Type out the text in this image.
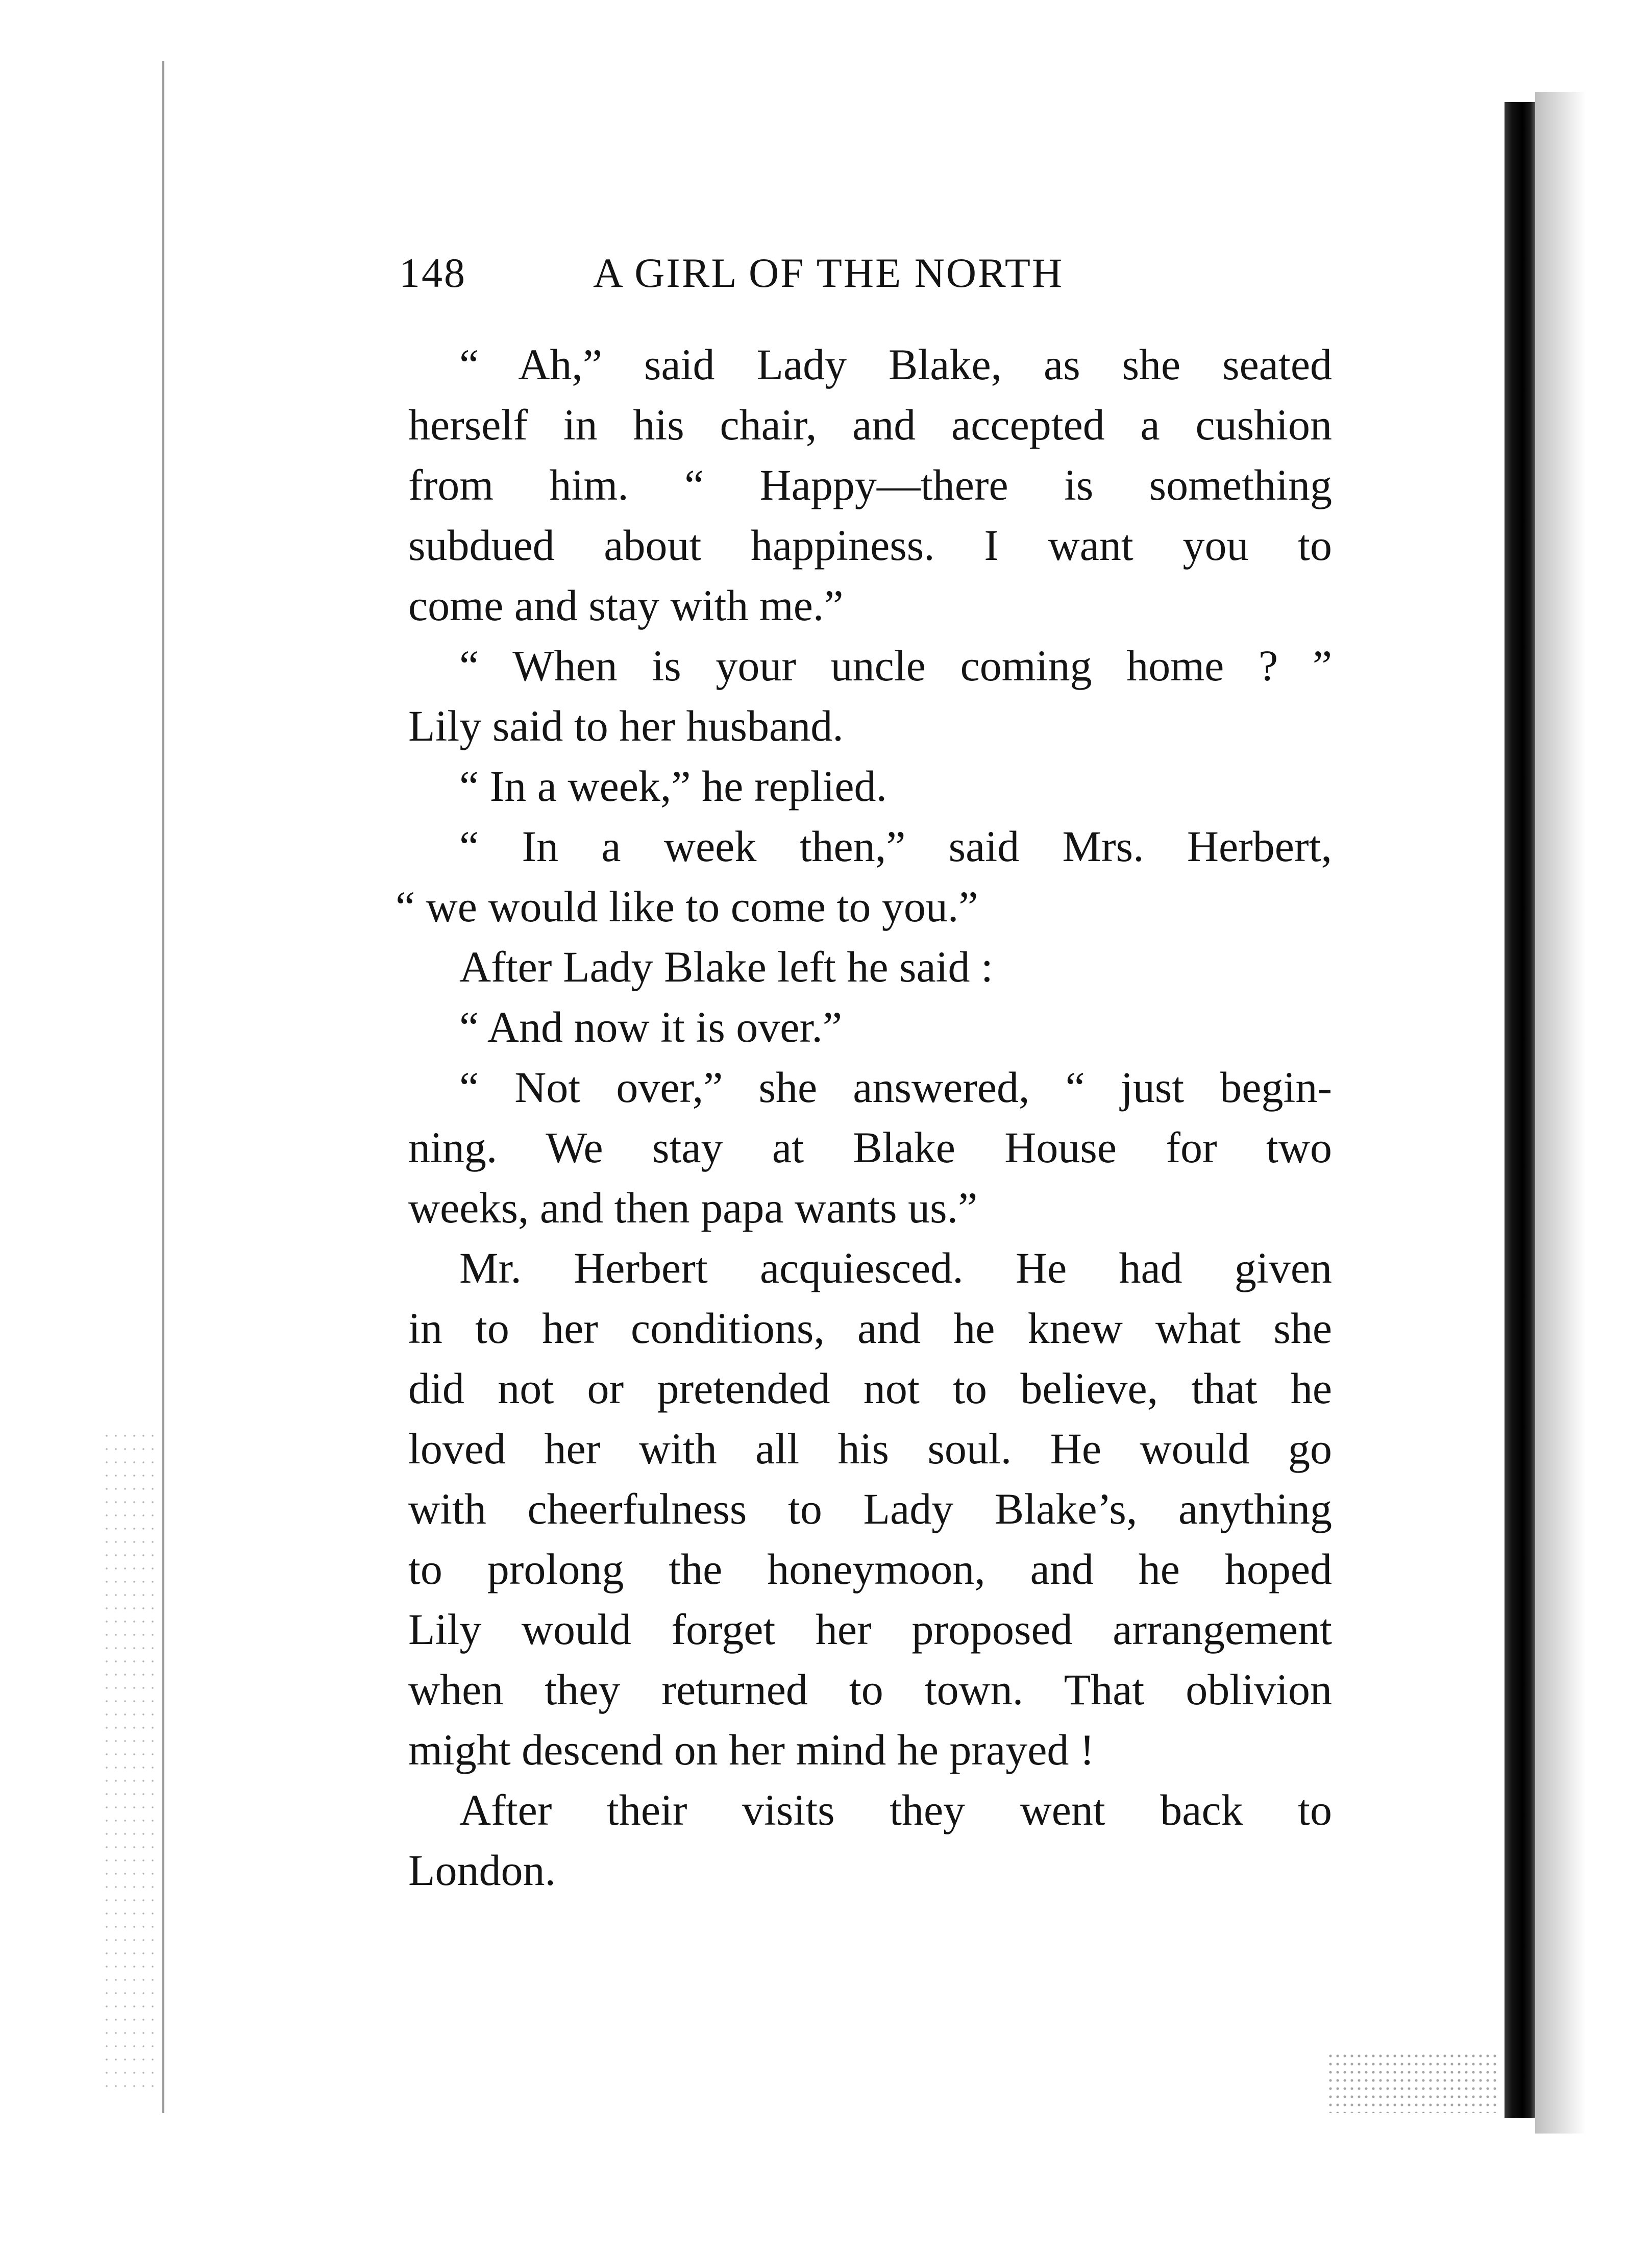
148	A GIRL OF THE NORTH
“ Ah,” said Lady Blake, as she seated
herself in his chair, and accepted a cushion
from him. “ Happy—there is something
subdued about happiness. I want you to
come and stay with me.”
“ When is your uncle coming home ? ”
Lily said to her husband.
“ In a week,” he replied.
“ In a week then,” said Mrs. Herbert,
“ we would like to come to you.”
After Lady Blake left he said :
“ And now it is over.”
“ Not over,” she answered, “ just begin-
ning. We stay at Blake House for two
weeks, and then papa wants us.”
Mr. Herbert acquiesced. He had given
in to her conditions, and he knew what she
did not or pretended not to believe, that he
loved her with all his soul. He would go
with cheerfulness to Lady Blake’s, anything
to prolong the honeymoon, and he hoped
Lily would forget her proposed arrangement
when they returned to town. That oblivion
might descend on her mind he prayed !
After their visits they went back to
London.
